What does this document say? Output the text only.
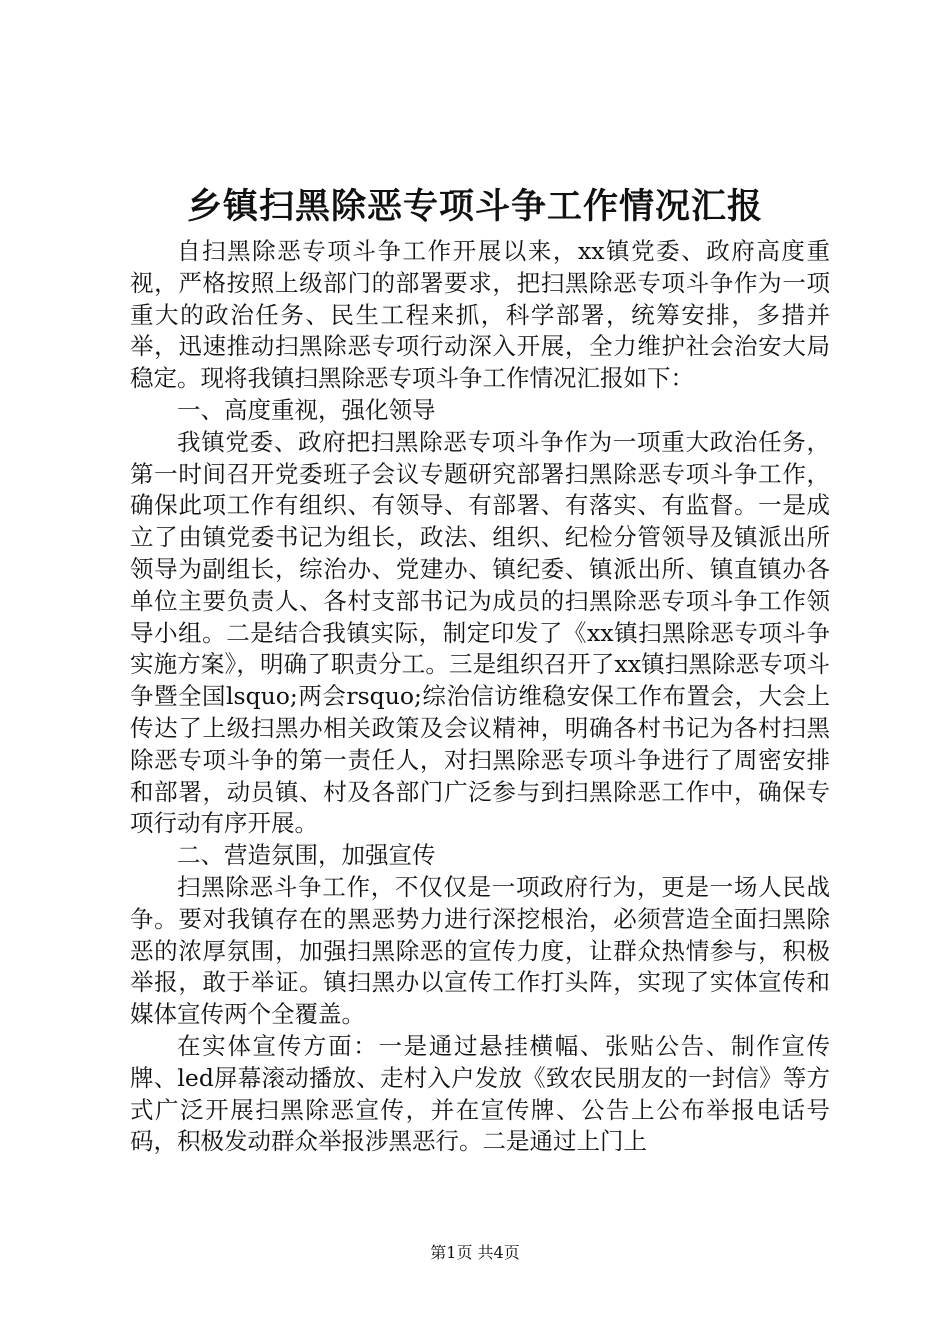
乡镇扫黑除恶专项斗争工作情况汇报

自扫黑除恶专项斗争工作开展以来，xx镇党委、政府高度重视，严格按照上级部门的部署要求，把扫黑除恶专项斗争作为一项重大的政治任务、民生工程来抓，科学部署，统筹安排，多措并举，迅速推动扫黑除恶专项行动深入开展，全力维护社会治安大局稳定。现将我镇扫黑除恶专项斗争工作情况汇报如下：

一、高度重视，强化领导

我镇党委、政府把扫黑除恶专项斗争作为一项重大政治任务，第一时间召开党委班子会议专题研究部署扫黑除恶专项斗争工作，确保此项工作有组织、有领导、有部署、有落实、有监督。一是成立了由镇党委书记为组长，政法、组织、纪检分管领导及镇派出所领导为副组长，综治办、党建办、镇纪委、镇派出所、镇直镇办各单位主要负责人、各村支部书记为成员的扫黑除恶专项斗争工作领导小组。二是结合我镇实际，制定印发了《xx镇扫黑除恶专项斗争实施方案》，明确了职责分工。三是组织召开了xx镇扫黑除恶专项斗争暨全国lsquo;两会rsquo;综治信访维稳安保工作布置会，大会上传达了上级扫黑办相关政策及会议精神，明确各村书记为各村扫黑除恶专项斗争的第一责任人，对扫黑除恶专项斗争进行了周密安排和部署，动员镇、村及各部门广泛参与到扫黑除恶工作中，确保专项行动有序开展。

二、营造氛围，加强宣传

扫黑除恶斗争工作，不仅仅是一项政府行为，更是一场人民战争。要对我镇存在的黑恶势力进行深挖根治，必须营造全面扫黑除恶的浓厚氛围，加强扫黑除恶的宣传力度，让群众热情参与，积极举报，敢于举证。镇扫黑办以宣传工作打头阵，实现了实体宣传和媒体宣传两个全覆盖。

在实体宣传方面：一是通过悬挂横幅、张贴公告、制作宣传牌、led屏幕滚动播放、走村入户发放《致农民朋友的一封信》等方式广泛开展扫黑除恶宣传，并在宣传牌、公告上公布举报电话号码，积极发动群众举报涉黑恶行。二是通过上门上

第1页 共4页
